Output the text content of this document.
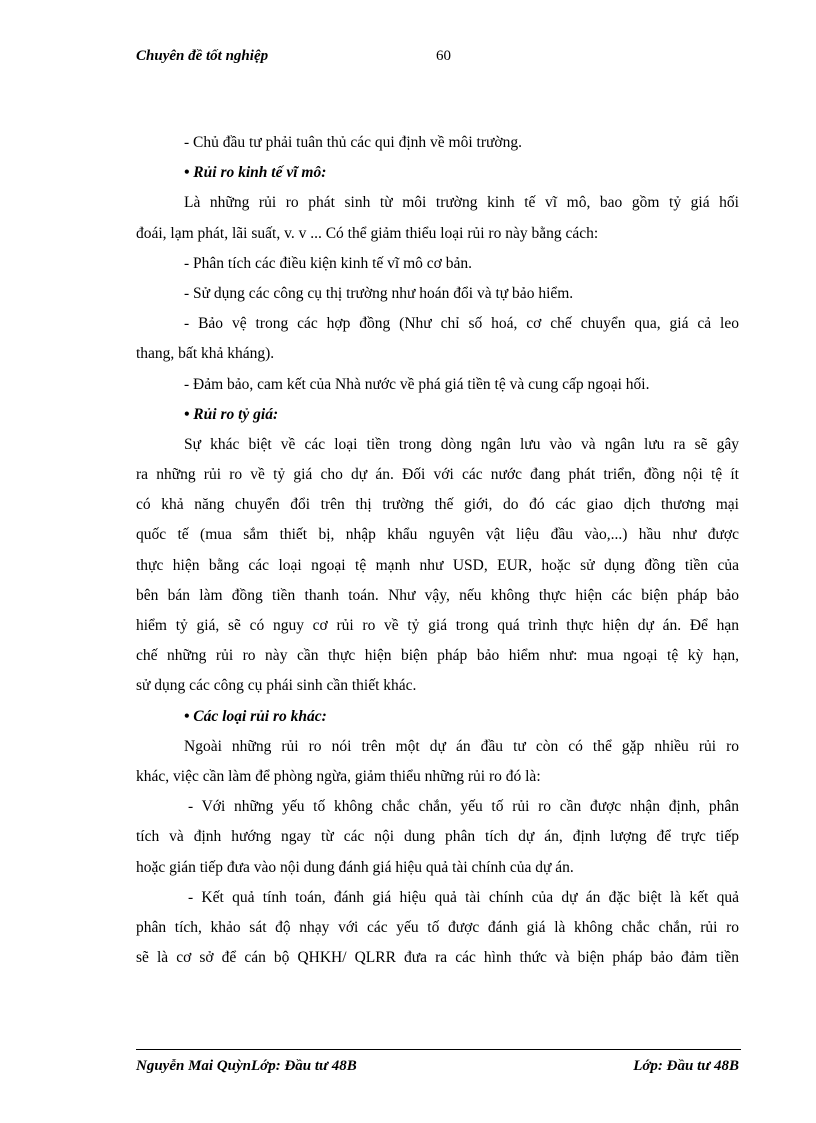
Chuyên đề tốt nghiệp	60
- Chủ đầu tư phải tuân thủ các qui định về môi trường.
• Rủi ro kinh tế vĩ mô:
Là những rủi ro phát sinh từ môi trường kinh tế vĩ mô, bao gồm tỷ giá hối
đoái, lạm phát, lãi suất, v. v ... Có thể giảm thiểu loại rủi ro này bằng cách:
- Phân tích các điều kiện kinh tế vĩ mô cơ bản.
- Sử dụng các công cụ thị trường như hoán đổi và tự bảo hiểm.
- Bảo vệ trong các hợp đồng (Như chỉ số hoá, cơ chế chuyển qua, giá cả leo
thang, bất khả kháng).
- Đảm bảo, cam kết của Nhà nước về phá giá tiền tệ và cung cấp ngoại hối.
• Rủi ro tỷ giá:
Sự khác biệt về các loại tiền trong dòng ngân lưu vào và ngân lưu ra sẽ gây
ra những rủi ro về tỷ giá cho dự án. Đối với các nước đang phát triển, đồng nội tệ ít
có khả năng chuyển đổi trên thị trường thế giới, do đó các giao dịch thương mại
quốc tế (mua sắm thiết bị, nhập khẩu nguyên vật liệu đầu vào,...) hầu như được
thực hiện bằng các loại ngoại tệ mạnh như USD, EUR, hoặc sử dụng đồng tiền của
bên bán làm đồng tiền thanh toán. Như vậy, nếu không thực hiện các biện pháp bảo
hiểm tỷ giá, sẽ có nguy cơ rủi ro về tỷ giá trong quá trình thực hiện dự án. Để hạn
chế những rủi ro này cần thực hiện biện pháp bảo hiểm như: mua ngoại tệ kỳ hạn,
sử dụng các công cụ phái sinh cần thiết khác.
• Các loại rủi ro khác:
Ngoài những rủi ro nói trên một dự án đầu tư còn có thể gặp nhiều rủi ro
khác, việc cần làm để phòng ngừa, giảm thiểu những rủi ro đó là:
- Với những yếu tố không chắc chắn, yếu tố rủi ro cần được nhận định, phân
tích và định hướng ngay từ các nội dung phân tích dự án, định lượng để trực tiếp
hoặc gián tiếp đưa vào nội dung đánh giá hiệu quả tài chính của dự án.
- Kết quả tính toán, đánh giá hiệu quả tài chính của dự án đặc biệt là kết quả
phân tích, khảo sát độ nhạy với các yếu tố được đánh giá là không chắc chắn, rủi ro
sẽ là cơ sở để cán bộ QHKH/ QLRR đưa ra các hình thức và biện pháp bảo đảm tiền
Nguyễn Mai QuỳnLớp: Đầu tư 48B	Lớp: Đầu tư 48B
